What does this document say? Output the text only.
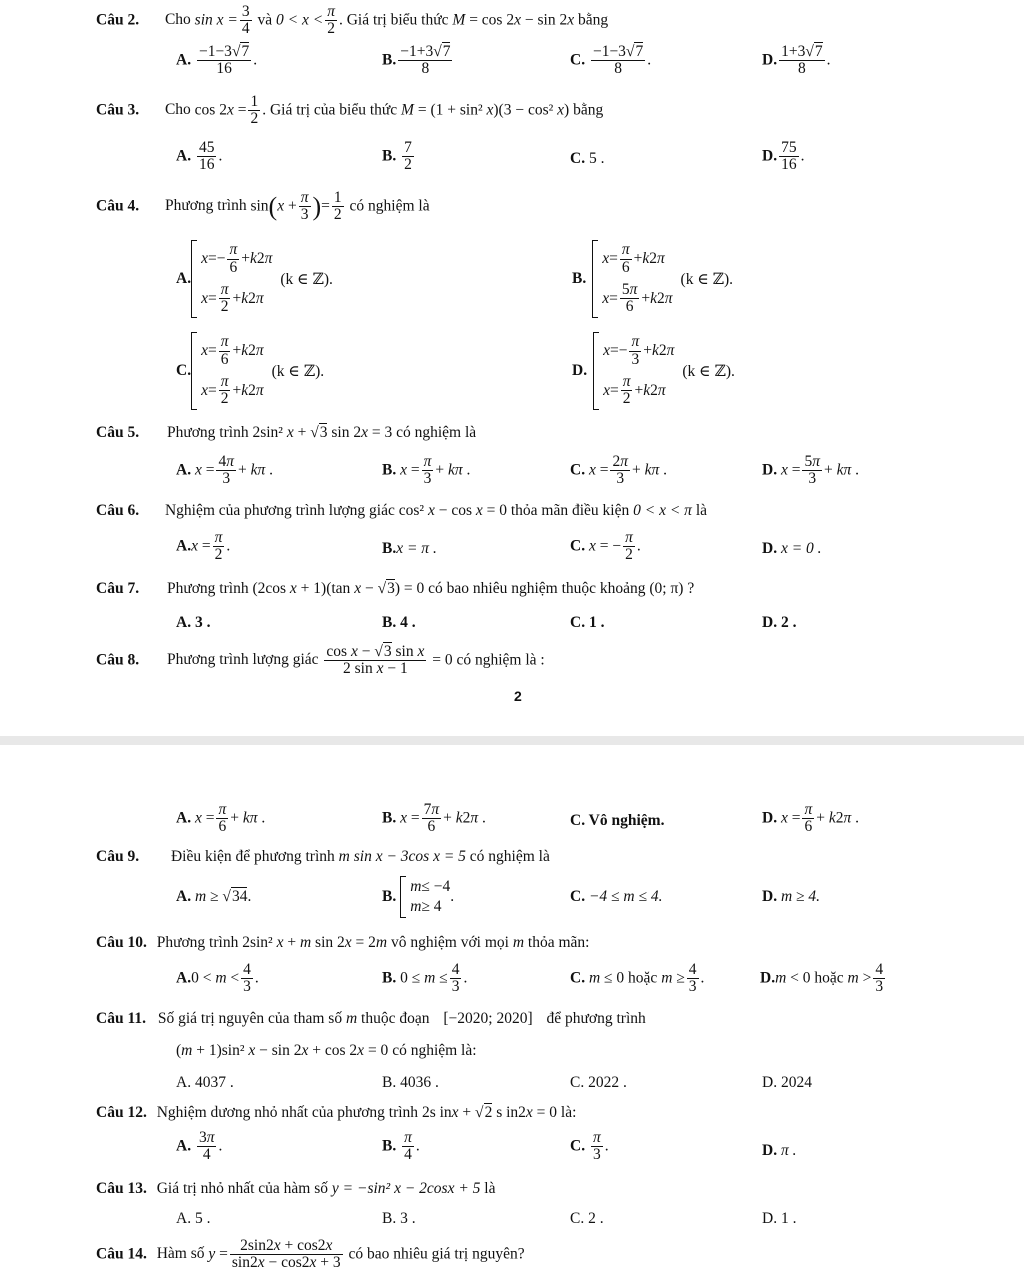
Câu 2. Cho $\sin x = \frac{3}{4}$ và $0 < x < \frac{\pi}{2}$ . Giá trị biểu thức M = cos 2x − sin 2x bằng
A. $\frac{-1-3√7}{16}$ .	B. $\frac{-1+3√7}{8}$	C. $\frac{-1-3√7}{8}$ .	D. $\frac{1+3√7}{8}$ .
Câu 3. Cho $\cos 2x = \frac{1}{2}$ . Giá trị của biểu thức M = (1 + sin² x)(3 − cos² x) bằng
A. $\frac{45}{16}$ .	B. $\frac{7}{2}$	C. 5 .	D. $\frac{75}{16}$ .
Câu 4. Phương trình $\sin(x + \frac{\pi}{3}$ )= $\frac{1}{2}$ có nghiệm là
A.
$x =- \frac{\pi}{6} + k$ 2 π
$x = \frac{\pi}{2} + k$ 2 π
(k ∈ ℤ).	B.
$x = \frac{\pi}{6} + k$ 2 π
$x = \frac{5\pi}{6} + k$ 2 π
(k ∈ ℤ).
C.
$x = \frac{\pi}{6} + k$ 2 π
$x = \frac{\pi}{2} + k$ 2 π
(k ∈ ℤ).	D.
$x =- \frac{\pi}{3} + k$ 2 π
$x = \frac{\pi}{2} + k$ 2 π
(k ∈ ℤ).
Câu 5. Phương trình 2sin² x + √3 sin 2x = 3 có nghiệm là
A. $x = \frac{4\pi}{3} + k\pi$ .	B. $x = \frac{\pi}{3} + k\pi$ .	C. $x = \frac{2\pi}{3} + k\pi$ .	D. $x = \frac{5\pi}{3} + k\pi$ .
Câu 6. Nghiệm của phương trình lượng giác cos² x − cos x = 0 thỏa mãn điều kiện 0 < x < π là
$A.x = \frac{\pi}{2}$ .	B.x = π .	C. x = − $\frac{\pi}{2}$ .	D. x = 0 .
Câu 7. Phương trình (2cos x + 1)(tan x − √3) = 0 có bao nhiêu nghiệm thuộc khoảng (0; π) ?
A. 3 .	B. 4 .	C. 1 .	D. 2 .
Câu 8. Phương trình lượng giác $\frac{\text{cos x − √3 sin x}}{\text{2 sin x − 1}} = 0$ có nghiệm là :
2
A. $x = \frac{\pi}{6} + k\pi$ .	B. $x = \frac{7\pi}{6} + k2\pi$ .	C. Vô nghiệm.	D. $x = \frac{\pi}{6} + k2\pi$ .
Câu 9. Điều kiện để phương trình m sin x − 3cos x = 5 có nghiệm là
A. m ≥ √34.	B.
m ≤ −4
m ≥ 4
.	C. −4 ≤ m ≤ 4.	D. m ≥ 4.
Câu 10. Phương trình 2sin² x + m sin 2x = 2m vô nghiệm với mọi m thỏa mãn:
$A.0 < m < \frac{4}{3}$ .	B. $0 \le m \le \frac{4}{3}$ .	C. m ≤ 0 hoặc $m \ge \frac{4}{3}$ .	D.m < 0 hoặc $m > \frac{4}{3}$
Câu 11. Số giá trị nguyên của tham số m thuộc đoạn [−2020; 2020] để phương trình
(m + 1)sin² x − sin 2x + cos 2x = 0 có nghiệm là:
A. 4037 .	B. 4036 .	C. 2022 .	D. 2024
Câu 12. Nghiệm dương nhỏ nhất của phương trình 2s inx + √2 s in2x = 0 là:
A. $\frac{3\pi}{4}$ .	B. $\frac{\pi}{4}$ .	C. $\frac{\pi}{3}$ .	D. π .
Câu 13. Giá trị nhỏ nhất của hàm số y = −sin² x − 2cosx + 5 là
A. 5 .	B. 3 .	C. 2 .	D. 1 .
Câu 14. Hàm số $y = \frac{2\sin 2x + \cos 2x}{\sin 2x - \cos 2x + 3}$ có bao nhiêu giá trị nguyên?
